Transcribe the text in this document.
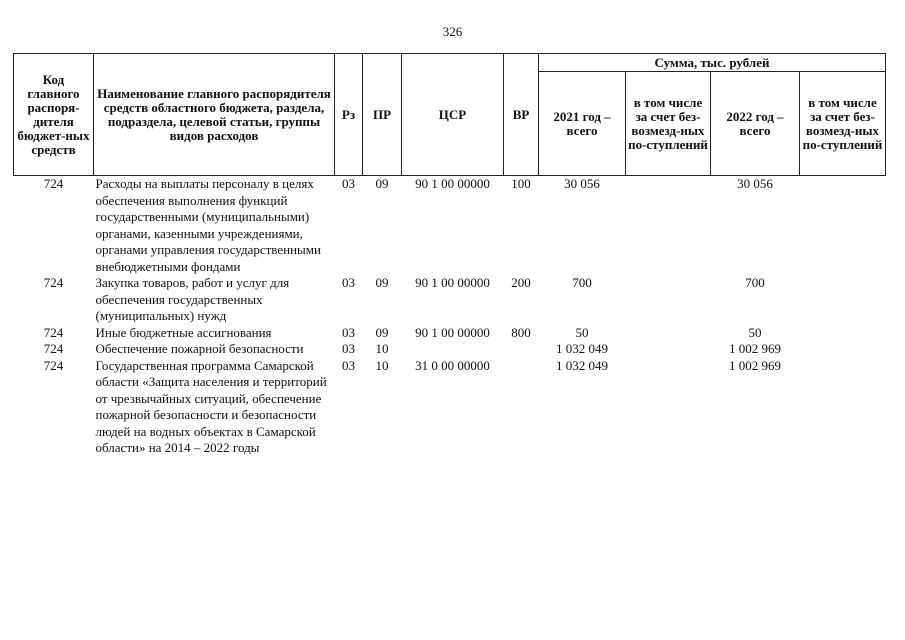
326
Код главного распоря-дителя бюджет-ных средств	Наименование главного распорядителя средств областного бюджета, раздела, подраздела, целевой статьи, группы видов расходов	Рз	ПР	ЦСР	ВР	Сумма, тыс. рублей			
						2021 год – всего	в том числе за счет без-возмезд-ных по-ступлений	2022 год – всего	в том числе за счет без-возмезд-ных по-ступлений
724	Расходы на выплаты персоналу в целях обеспечения выполнения функций государственными (муниципальными) органами, казенными учреждениями, органами управления государственными внебюджетными фондами	03	09	90 1 00 00000	100	30 056		30 056	
724	Закупка товаров, работ и услуг для обеспечения государственных (муниципальных) нужд	03	09	90 1 00 00000	200	700		700	
724	Иные бюджетные ассигнования	03	09	90 1 00 00000	800	50		50	
724	Обеспечение пожарной безопасности	03	10			1 032 049		1 002 969	
724	Государственная программа Самарской области «Защита населения и территорий от чрезвычайных ситуаций, обеспечение пожарной безопасности и безопасности людей на водных объектах в Самарской области» на 2014 – 2022 годы	03	10	31 0 00 00000		1 032 049		1 002 969	
